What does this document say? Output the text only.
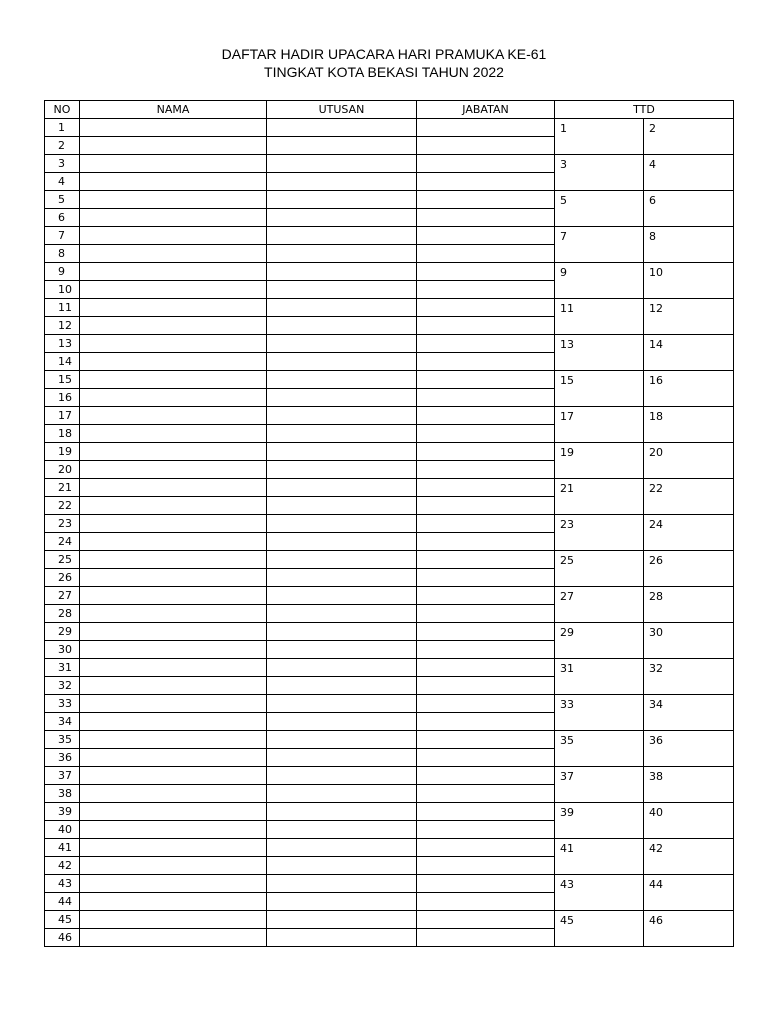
DAFTAR HADIR UPACARA HARI PRAMUKA KE-61
TINGKAT KOTA BEKASI TAHUN 2022
NO	NAMA	UTUSAN	JABATAN	TTD	
1				1	2
2					
3				3	4
4					
5				5	6
6					
7				7	8
8					
9				9	10
10					
11				11	12
12					
13				13	14
14					
15				15	16
16					
17				17	18
18					
19				19	20
20					
21				21	22
22					
23				23	24
24					
25				25	26
26					
27				27	28
28					
29				29	30
30					
31				31	32
32					
33				33	34
34					
35				35	36
36					
37				37	38
38					
39				39	40
40					
41				41	42
42					
43				43	44
44					
45				45	46
46					
